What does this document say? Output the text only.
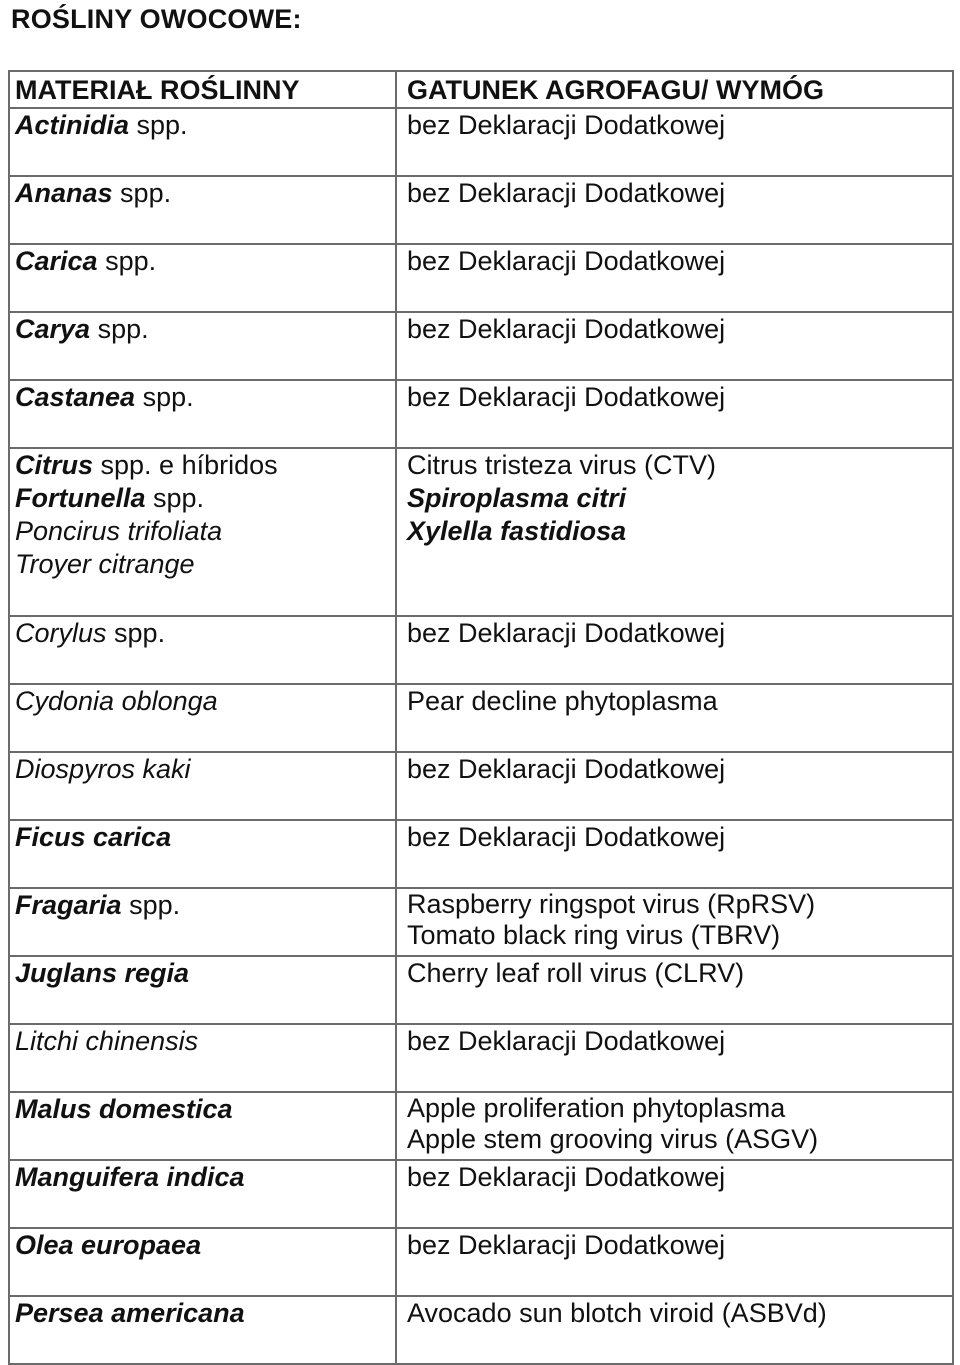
ROŚLINY OWOCOWE:
MATERIAŁ ROŚLINNY	GATUNEK AGROFAGU/ WYMÓG

Actinidia spp.	bez Deklaracji Dodatkowej

Ananas spp.	bez Deklaracji Dodatkowej

Carica spp.	bez Deklaracji Dodatkowej

Carya spp.	bez Deklaracji Dodatkowej

Castanea spp.	bez Deklaracji Dodatkowej

Citrus spp. e híbridos
Fortunella spp.
Poncirus trifoliata
Troyer citrange	Citrus tristeza virus (CTV)
Spiroplasma citri
Xylella fastidiosa

Corylus spp.	bez Deklaracji Dodatkowej

Cydonia oblonga	Pear decline phytoplasma

Diospyros kaki	bez Deklaracji Dodatkowej

Ficus carica	bez Deklaracji Dodatkowej

Fragaria spp.	Raspberry ringspot virus (RpRSV)
Tomato black ring virus (TBRV)

Juglans regia	Cherry leaf roll virus (CLRV)

Litchi chinensis	bez Deklaracji Dodatkowej

Malus domestica	Apple proliferation phytoplasma
Apple stem grooving virus (ASGV)

Manguifera indica	bez Deklaracji Dodatkowej

Olea europaea	bez Deklaracji Dodatkowej

Persea americana	Avocado sun blotch viroid (ASBVd)
